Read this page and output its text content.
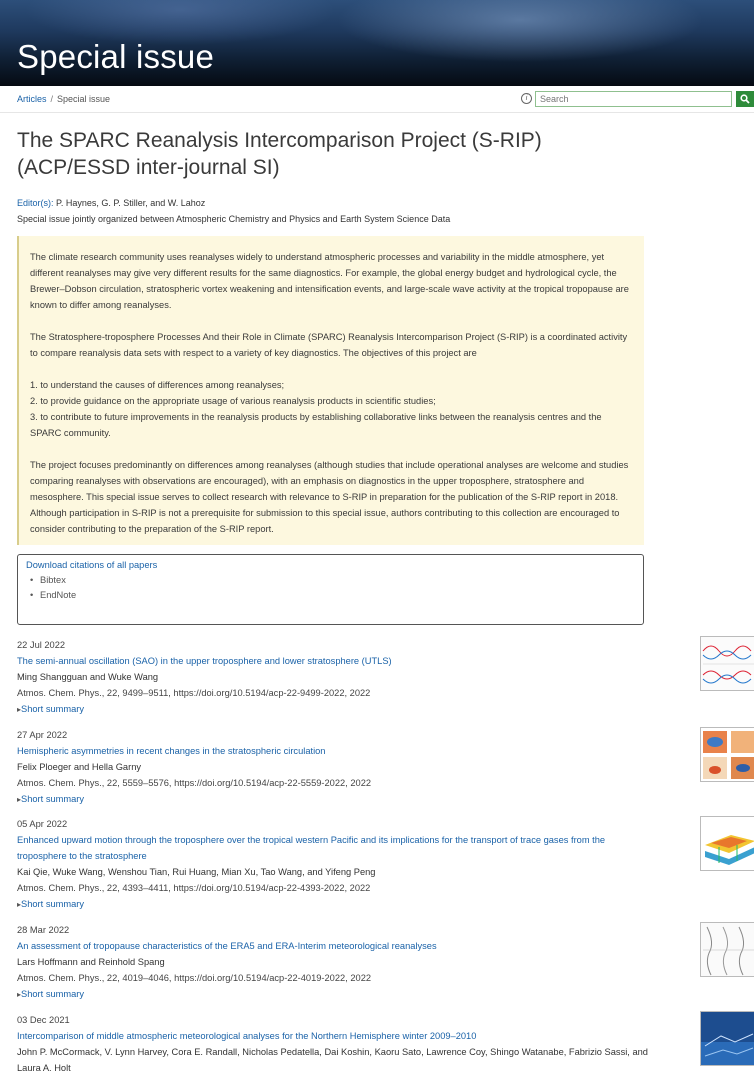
Special issue
Articles / Special issue	i
Search
The SPARC Reanalysis Intercomparison Project (S-RIP)
(ACP/ESSD inter-journal SI)
Editor(s): P. Haynes, G. P. Stiller, and W. Lahoz
Special issue jointly organized between Atmospheric Chemistry and Physics and Earth System Science Data

The climate research community uses reanalyses widely to understand atmospheric processes and variability in the middle atmosphere, yet different reanalyses may give very different results for the same diagnostics. For example, the global energy budget and hydrological cycle, the Brewer–Dobson circulation, stratospheric vortex weakening and intensification events, and large-scale wave activity at the tropical tropopause are known to differ among reanalyses.

The Stratosphere-troposphere Processes And their Role in Climate (SPARC) Reanalysis Intercomparison Project (S-RIP) is a coordinated activity to compare reanalysis data sets with respect to a variety of key diagnostics. The objectives of this project are

1. to understand the causes of differences among reanalyses;
2. to provide guidance on the appropriate usage of various reanalysis products in scientific studies;
3. to contribute to future improvements in the reanalysis products by establishing collaborative links between the reanalysis centres and the SPARC community.

The project focuses predominantly on differences among reanalyses (although studies that include operational analyses are welcome and studies comparing reanalyses with observations are encouraged), with an emphasis on diagnostics in the upper troposphere, stratosphere and mesosphere. This special issue serves to collect research with relevance to S-RIP in preparation for the publication of the S-RIP report in 2018. Although participation in S-RIP is not a prerequisite for submission to this special issue, authors contributing to this collection are encouraged to consider contributing to the preparation of the S-RIP report.

Download citations of all papers
• Bibtex
• EndNote
22 Jul 2022
The semi-annual oscillation (SAO) in the upper troposphere and lower stratosphere (UTLS)
Ming Shangguan and Wuke Wang
Atmos. Chem. Phys., 22, 9499–9511, https://doi.org/10.5194/acp-22-9499-2022, 2022
▸ Short summary
27 Apr 2022
Hemispheric asymmetries in recent changes in the stratospheric circulation
Felix Ploeger and Hella Garny
Atmos. Chem. Phys., 22, 5559–5576, https://doi.org/10.5194/acp-22-5559-2022, 2022
▸ Short summary
05 Apr 2022
Enhanced upward motion through the troposphere over the tropical western Pacific and its implications for the transport of trace gases from the troposphere to the stratosphere
Kai Qie, Wuke Wang, Wenshou Tian, Rui Huang, Mian Xu, Tao Wang, and Yifeng Peng
Atmos. Chem. Phys., 22, 4393–4411, https://doi.org/10.5194/acp-22-4393-2022, 2022
▸ Short summary
28 Mar 2022
An assessment of tropopause characteristics of the ERA5 and ERA-Interim meteorological reanalyses
Lars Hoffmann and Reinhold Spang
Atmos. Chem. Phys., 22, 4019–4046, https://doi.org/10.5194/acp-22-4019-2022, 2022
▸ Short summary
03 Dec 2021
Intercomparison of middle atmospheric meteorological analyses for the Northern Hemisphere winter 2009–2010
John P. McCormack, V. Lynn Harvey, Cora E. Randall, Nicholas Pedatella, Dai Koshin, Kaoru Sato, Lawrence Coy, Shingo Watanabe, Fabrizio Sassi, and Laura A. Holt
